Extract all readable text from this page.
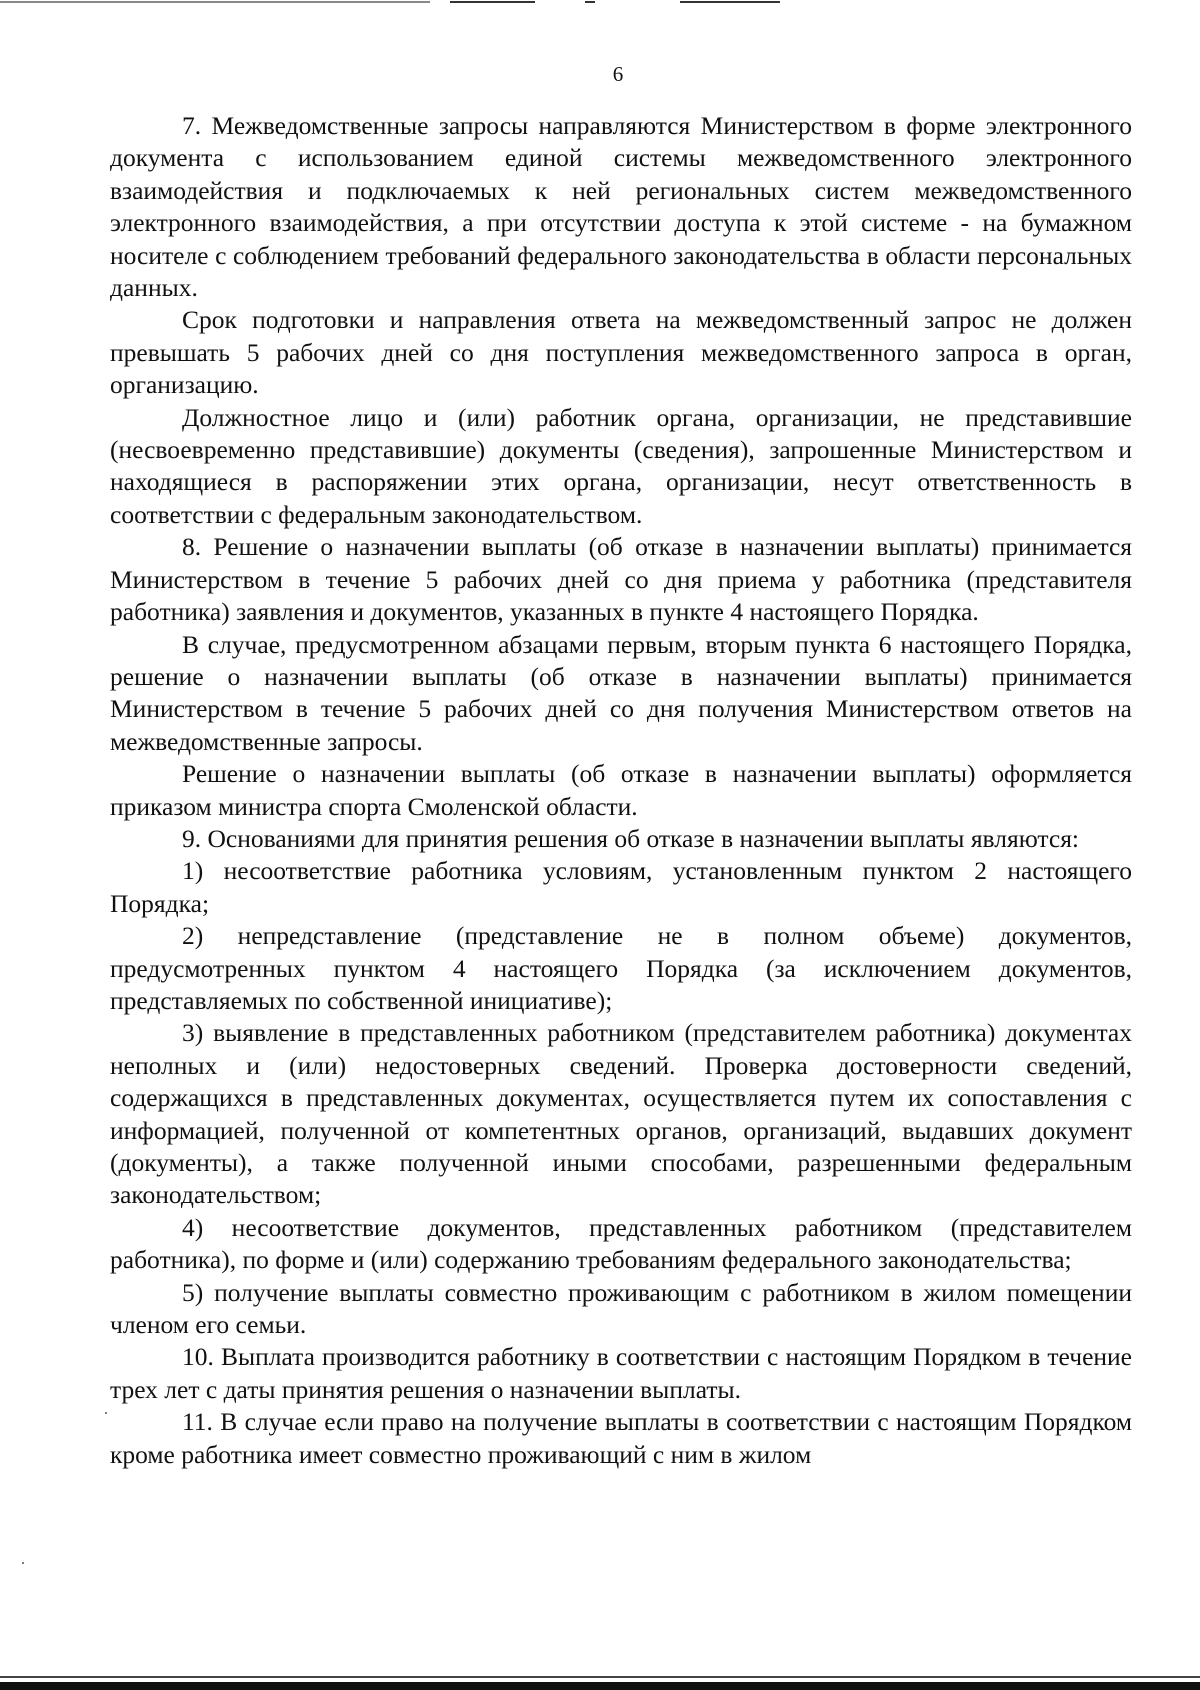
6

7. Межведомственные запросы направляются Министерством в форме электронного документа с использованием единой системы межведомственного электронного взаимодействия и подключаемых к ней региональных систем межведомственного электронного взаимодействия, а при отсутствии доступа к этой системе - на бумажном носителе с соблюдением требований федерального законодательства в области персональных данных.

Срок подготовки и направления ответа на межведомственный запрос не должен превышать 5 рабочих дней со дня поступления межведомственного запроса в орган, организацию.

Должностное лицо и (или) работник органа, организации, не представившие (несвоевременно представившие) документы (сведения), запрошенные Министерством и находящиеся в распоряжении этих органа, организации, несут ответственность в соответствии с федеральным законодательством.

8. Решение о назначении выплаты (об отказе в назначении выплаты) принимается Министерством в течение 5 рабочих дней со дня приема у работника (представителя работника) заявления и документов, указанных в пункте 4 настоящего Порядка.

В случае, предусмотренном абзацами первым, вторым пункта 6 настоящего Порядка, решение о назначении выплаты (об отказе в назначении выплаты) принимается Министерством в течение 5 рабочих дней со дня получения Министерством ответов на межведомственные запросы.

Решение о назначении выплаты (об отказе в назначении выплаты) оформляется приказом министра спорта Смоленской области.

9. Основаниями для принятия решения об отказе в назначении выплаты являются:

1) несоответствие работника условиям, установленным пунктом 2 настоящего Порядка;

2) непредставление (представление не в полном объеме) документов, предусмотренных пунктом 4 настоящего Порядка (за исключением документов, представляемых по собственной инициативе);

3) выявление в представленных работником (представителем работника) документах неполных и (или) недостоверных сведений. Проверка достоверности сведений, содержащихся в представленных документах, осуществляется путем их сопоставления с информацией, полученной от компетентных органов, организаций, выдавших документ (документы), а также полученной иными способами, разрешенными федеральным законодательством;

4) несоответствие документов, представленных работником (представителем работника), по форме и (или) содержанию требованиям федерального законодательства;

5) получение выплаты совместно проживающим с работником в жилом помещении членом его семьи.

10. Выплата производится работнику в соответствии с настоящим Порядком в течение трех лет с даты принятия решения о назначении выплаты.

11. В случае если право на получение выплаты в соответствии с настоящим Порядком кроме работника имеет совместно проживающий с ним в жилом
